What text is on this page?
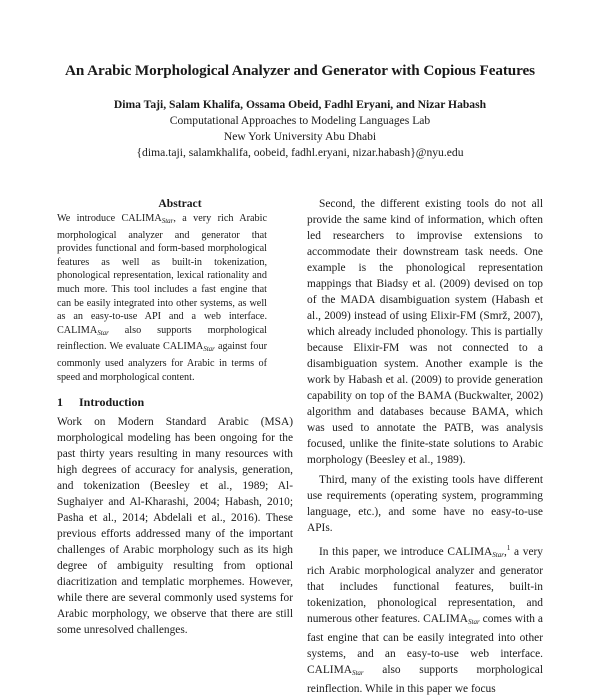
An Arabic Morphological Analyzer and Generator with Copious Features
Dima Taji, Salam Khalifa, Ossama Obeid, Fadhl Eryani, and Nizar Habash
Computational Approaches to Modeling Languages Lab
New York University Abu Dhabi
{dima.taji, salamkhalifa, oobeid, fadhl.eryani, nizar.habash}@nyu.edu
Abstract

We introduce $CALIMA_{Star}$, a very rich Arabic morphological analyzer and generator that provides functional and form-based morphological features as well as built-in tokenization, phonological representation, lexical rationality and much more. This tool includes a fast engine that can be easily integrated into other systems, as well as an easy-to-use API and a web interface. $CALIMA_{Star}$ also supports morphological reinflection. We evaluate $CALIMA_{Star}$ against four commonly used analyzers for Arabic in terms of speed and morphological content.

1 Introduction

Work on Modern Standard Arabic (MSA) morphological modeling has been ongoing for the past thirty years resulting in many resources with high degrees of accuracy for analysis, generation, and tokenization (Beesley et al., 1989; Al-Sughaiyer and Al-Kharashi, 2004; Habash, 2010; Pasha et al., 2014; Abdelali et al., 2016). These previous efforts addressed many of the important challenges of Arabic morphology such as its high degree of ambiguity resulting from optional diacritization and templatic morphemes. However, while there are several commonly used systems for Arabic morphology, we observe that there are still some unresolved challenges.

Second, the different existing tools do not all provide the same kind of information, which often led researchers to improvise extensions to accommodate their downstream task needs. One example is the phonological representation mappings that Biadsy et al. (2009) devised on top of the MADA disambiguation system (Habash et al., 2009) instead of using Elixir-FM (Smrž, 2007), which already included phonology. This is partially because Elixir-FM was not connected to a disambiguation system. Another example is the work by Habash et al. (2009) to provide generation capability on top of the BAMA (Buckwalter, 2002) algorithm and databases because BAMA, which was used to annotate the PATB, was analysis focused, unlike the finite-state solutions to Arabic morphology (Beesley et al., 1989).

Third, many of the existing tools have different use requirements (operating system, programming language, etc.), and some have no easy-to-use APIs.

In this paper, we introduce $CALIMA_{Star},^1$ a very rich Arabic morphological analyzer and generator that includes functional features, built-in tokenization, phonological representation, and numerous other features. $CALIMA_{Star}$ comes with a fast engine that can be easily integrated into other systems, and an easy-to-use web interface. $CALIMA_{Star}$ also supports morphological reinflection. While in this paper we focus
